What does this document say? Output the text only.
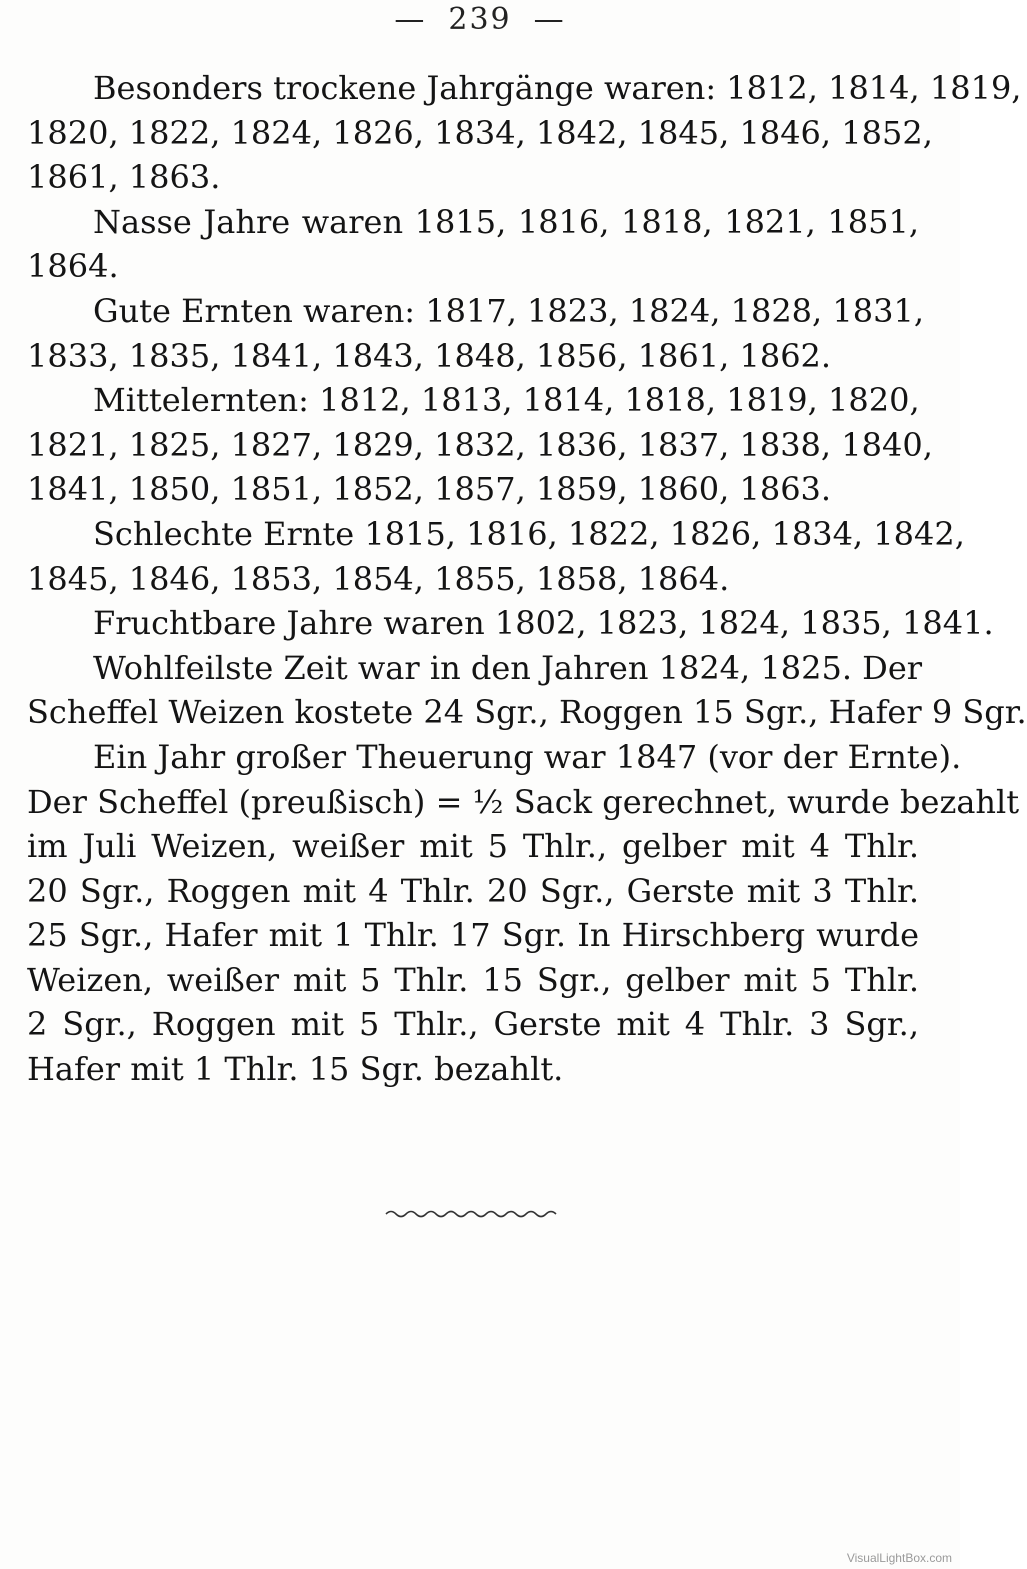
— 239 —
Besonders trockene Jahrgänge waren: 1812, 1814, 1819,
1820, 1822, 1824, 1826, 1834, 1842, 1845, 1846, 1852,
1861, 1863.
Nasse Jahre waren 1815, 1816, 1818, 1821, 1851,
1864.
Gute Ernten waren: 1817, 1823, 1824, 1828, 1831,
1833, 1835, 1841, 1843, 1848, 1856, 1861, 1862.
Mittelernten: 1812, 1813, 1814, 1818, 1819, 1820,
1821, 1825, 1827, 1829, 1832, 1836, 1837, 1838, 1840,
1841, 1850, 1851, 1852, 1857, 1859, 1860, 1863.
Schlechte Ernte 1815, 1816, 1822, 1826, 1834, 1842,
1845, 1846, 1853, 1854, 1855, 1858, 1864.
Fruchtbare Jahre waren 1802, 1823, 1824, 1835, 1841.
Wohlfeilste Zeit war in den Jahren 1824, 1825. Der
Scheffel Weizen kostete 24 Sgr., Roggen 15 Sgr., Hafer 9 Sgr.
Ein Jahr großer Theuerung war 1847 (vor der Ernte).
Der Scheffel (preußisch) = ½ Sack gerechnet, wurde bezahlt
im Juli Weizen, weißer mit 5 Thlr., gelber mit 4 Thlr.
20 Sgr., Roggen mit 4 Thlr. 20 Sgr., Gerste mit 3 Thlr.
25 Sgr., Hafer mit 1 Thlr. 17 Sgr. In Hirschberg wurde
Weizen, weißer mit 5 Thlr. 15 Sgr., gelber mit 5 Thlr.
2 Sgr., Roggen mit 5 Thlr., Gerste mit 4 Thlr. 3 Sgr.,
Hafer mit 1 Thlr. 15 Sgr. bezahlt.
VisualLightBox.com
